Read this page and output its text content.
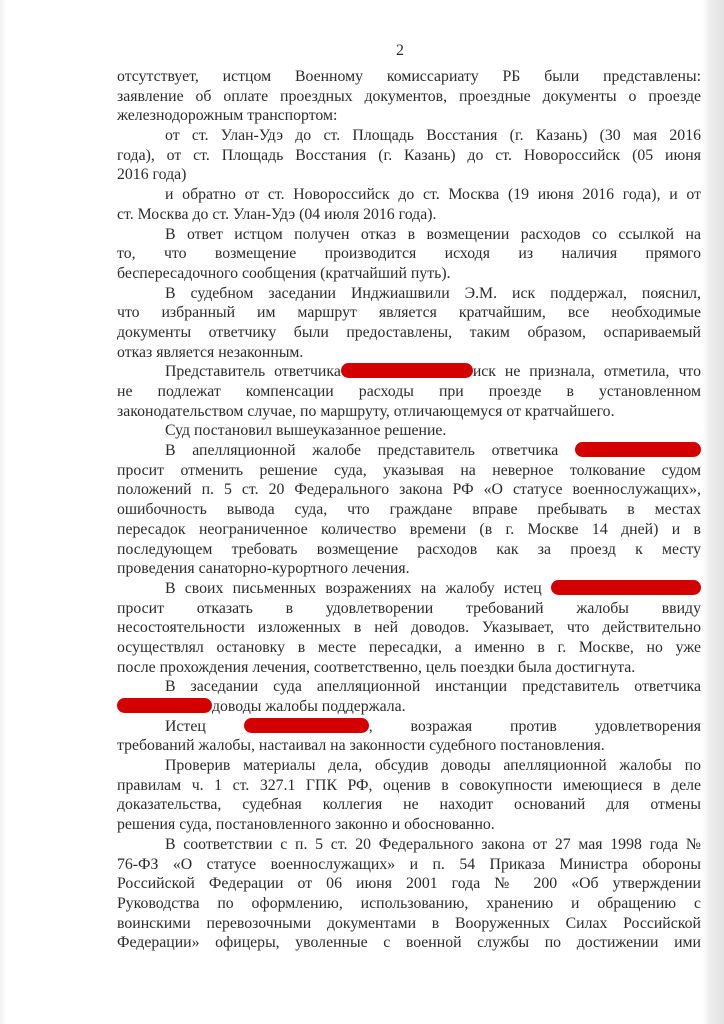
2
отсутствует, истцом Военному комиссариату РБ были представлены:
заявление об оплате проездных документов, проездные документы о проезде
железнодорожным транспортом:
от ст. Улан-Удэ до ст. Площадь Восстания (г. Казань) (30 мая 2016
года), от ст. Площадь Восстания (г. Казань) до ст. Новороссийск (05 июня
2016 года)
и обратно от ст. Новороссийск до ст. Москва (19 июня 2016 года), и от
ст. Москва до ст. Улан-Удэ (04 июля 2016 года).
В ответ истцом получен отказ в возмещении расходов со ссылкой на
то, что возмещение производится исходя из наличия прямого
беспересадочного сообщения (кратчайший путь).
В судебном заседании Инджиашвили Э.М. иск поддержал, пояснил,
что избранный им маршрут является кратчайшим, все необходимые
документы ответчику были предоставлены, таким образом, оспариваемый
отказ является незаконным.
Представитель ответчика	иск не признала, отметила, что
не подлежат компенсации расходы при проезде в установленном
законодательством случае, по маршруту, отличающемуся от кратчайшего.
Суд постановил вышеуказанное решение.
В апелляционной жалобе представитель ответчика
просит отменить решение суда, указывая на неверное толкование судом
положений п. 5 ст. 20 Федерального закона РФ «О статусе военнослужащих»,
ошибочность вывода суда, что граждане вправе пребывать в местах
пересадок неограниченное количество времени (в г. Москве 14 дней) и в
последующем требовать возмещение расходов как за проезд к месту
проведения санаторно-курортного лечения.
В своих письменных возражениях на жалобу истец
просит отказать в удовлетворении требований жалобы ввиду
несостоятельности изложенных в ней доводов. Указывает, что действительно
осуществлял остановку в месте пересадки, а именно в г. Москве, но уже
после прохождения лечения, соответственно, цель поездки была достигнута.
В заседании суда апелляционной инстанции представитель ответчика
доводы жалобы поддержала.
Истец	, возражая против удовлетворения
требований жалобы, настаивал на законности судебного постановления.
Проверив материалы дела, обсудив доводы апелляционной жалобы по
правилам ч. 1 ст. 327.1 ГПК РФ, оценив в совокупности имеющиеся в деле
доказательства, судебная коллегия не находит оснований для отмены
решения суда, постановленного законно и обоснованно.
В соответствии с п. 5 ст. 20 Федерального закона от 27 мая 1998 года №
76-ФЗ «О статусе военнослужащих» и п. 54 Приказа Министра обороны
Российской Федерации от 06 июня 2001 года № 200 «Об утверждении
Руководства по оформлению, использованию, хранению и обращению с
воинскими перевозочными документами в Вооруженных Силах Российской
Федерации» офицеры, уволенные с военной службы по достижении ими
